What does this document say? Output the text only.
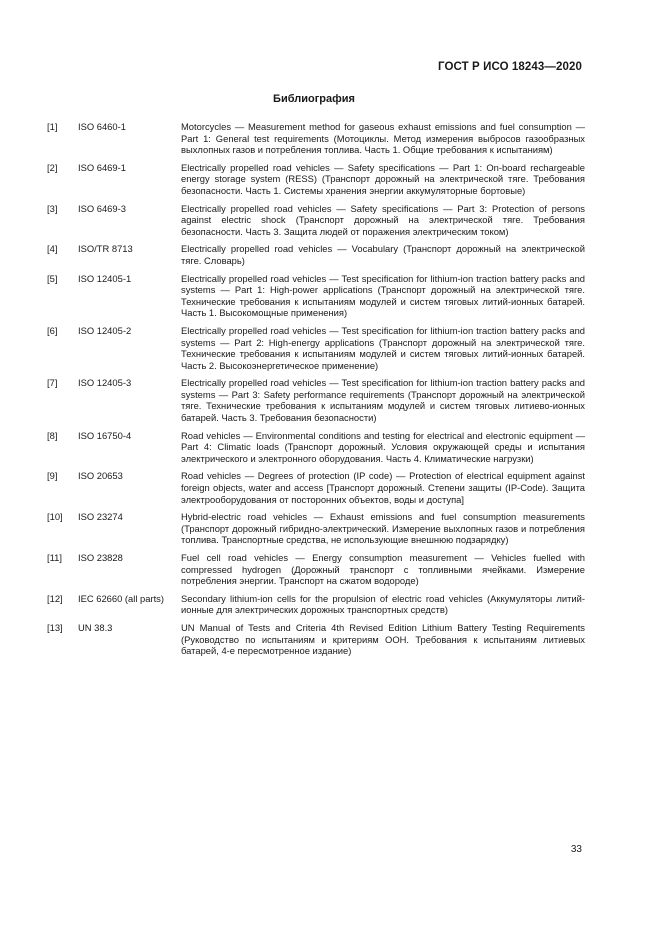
ГОСТ Р ИСО 18243—2020
Библиография
[1]	ISO 6460-1	Motorcycles — Measurement method for gaseous exhaust emissions and fuel consumption — Part 1: General test requirements (Мотоциклы. Метод измерения выбросов газообразных выхлопных газов и потребления топлива. Часть 1. Общие требования к испытаниям)
[2]	ISO 6469-1	Electrically propelled road vehicles — Safety specifications — Part 1: On-board rechargeable energy storage system (RESS) (Транспорт дорожный на электрической тяге. Требования безопасности. Часть 1. Системы хранения энергии аккумуляторные бортовые)
[3]	ISO 6469-3	Electrically propelled road vehicles — Safety specifications — Part 3: Protection of persons against electric shock (Транспорт дорожный на электрической тяге. Требования безопасности. Часть 3. Защита людей от поражения электрическим током)
[4]	ISO/TR 8713	Electrically propelled road vehicles — Vocabulary (Транспорт дорожный на электрической тяге. Словарь)
[5]	ISO 12405-1	Electrically propelled road vehicles — Test specification for lithium-ion traction battery packs and systems — Part 1: High-power applications (Транспорт дорожный на электрической тяге. Технические требования к испытаниям модулей и систем тяговых литий-ионных батарей. Часть 1. Высокомощные применения)
[6]	ISO 12405-2	Electrically propelled road vehicles — Test specification for lithium-ion traction battery packs and systems — Part 2: High-energy applications (Транспорт дорожный на электрической тяге. Технические требования к испытаниям модулей и систем тяговых литий-ионных батарей. Часть 2. Высокоэнергетическое применение)
[7]	ISO 12405-3	Electrically propelled road vehicles — Test specification for lithium-ion traction battery packs and systems — Part 3: Safety performance requirements (Транспорт дорожный на электрической тяге. Технические требования к испытаниям модулей и систем тяговых литиево-ионных батарей. Часть 3. Требования безопасности)
[8]	ISO 16750-4	Road vehicles — Environmental conditions and testing for electrical and electronic equipment — Part 4: Climatic loads (Транспорт дорожный. Условия окружающей среды и испытания электрического и электронного оборудования. Часть 4. Климатические нагрузки)
[9]	ISO 20653	Road vehicles — Degrees of protection (IP code) — Protection of electrical equipment against foreign objects, water and access [Транспорт дорожный. Степени защиты (IP-Code). Защита электрооборудования от посторонних объектов, воды и доступа]
[10]	ISO 23274	Hybrid-electric road vehicles — Exhaust emissions and fuel consumption measurements (Транспорт дорожный гибридно-электрический. Измерение выхлопных газов и потребления топлива. Транспортные средства, не использующие внешнюю подзарядку)
[11]	ISO 23828	Fuel cell road vehicles — Energy consumption measurement — Vehicles fuelled with compressed hydrogen (Дорожный транспорт с топливными ячейками. Измерение потребления энергии. Транспорт на сжатом водороде)
[12]	IEC 62660 (all parts)	Secondary lithium-ion cells for the propulsion of electric road vehicles (Аккумуляторы литий-ионные для электрических дорожных транспортных средств)
[13]	UN 38.3	UN Manual of Tests and Criteria 4th Revised Edition Lithium Battery Testing Requirements (Руководство по испытаниям и критериям ООН. Требования к испытаниям литиевых батарей, 4-е пересмотренное издание)
33
